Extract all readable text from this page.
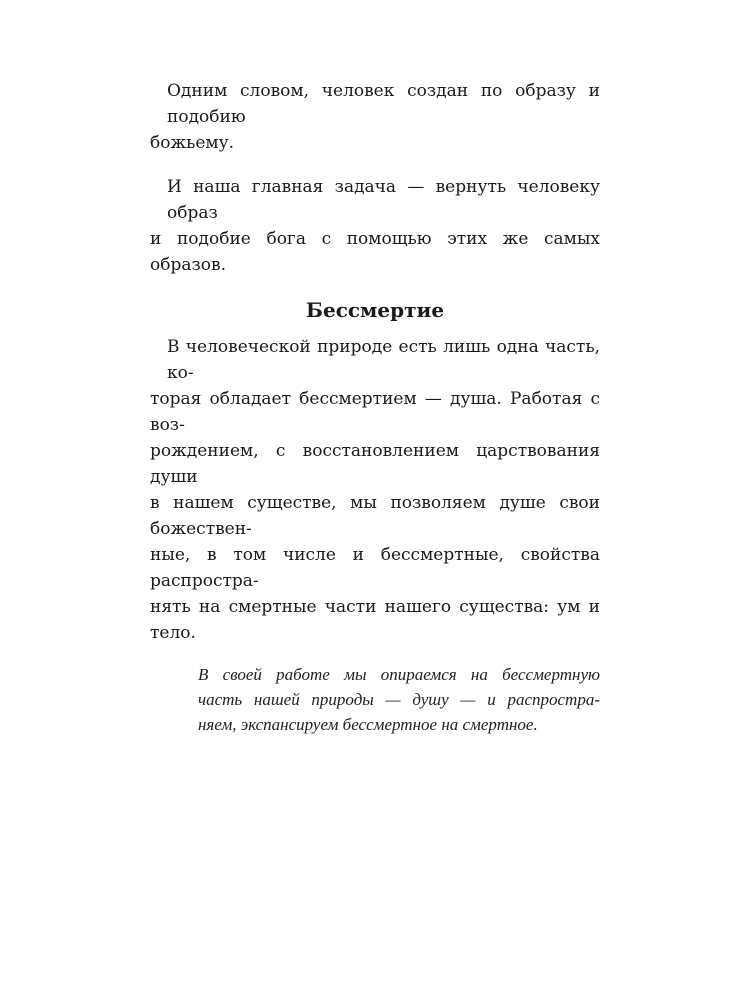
Одним словом, человек создан по образу и подобию
божьему.

И наша главная задача — вернуть человеку образ
и подобие бога с помощью этих же самых образов.

Бессмертие

В человеческой природе есть лишь одна часть, ко-
торая обладает бессмертием — душа. Работая с воз-
рождением, с восстановлением царствования души
в нашем существе, мы позволяем душе свои божествен-
ные, в том числе и бессмертные, свойства распростра-
нять на смертные части нашего существа: ум и тело.

В своей работе мы опираемся на бессмертную
часть нашей природы — душу — и распростра-
няем, экспансируем бессмертное на смертное.
